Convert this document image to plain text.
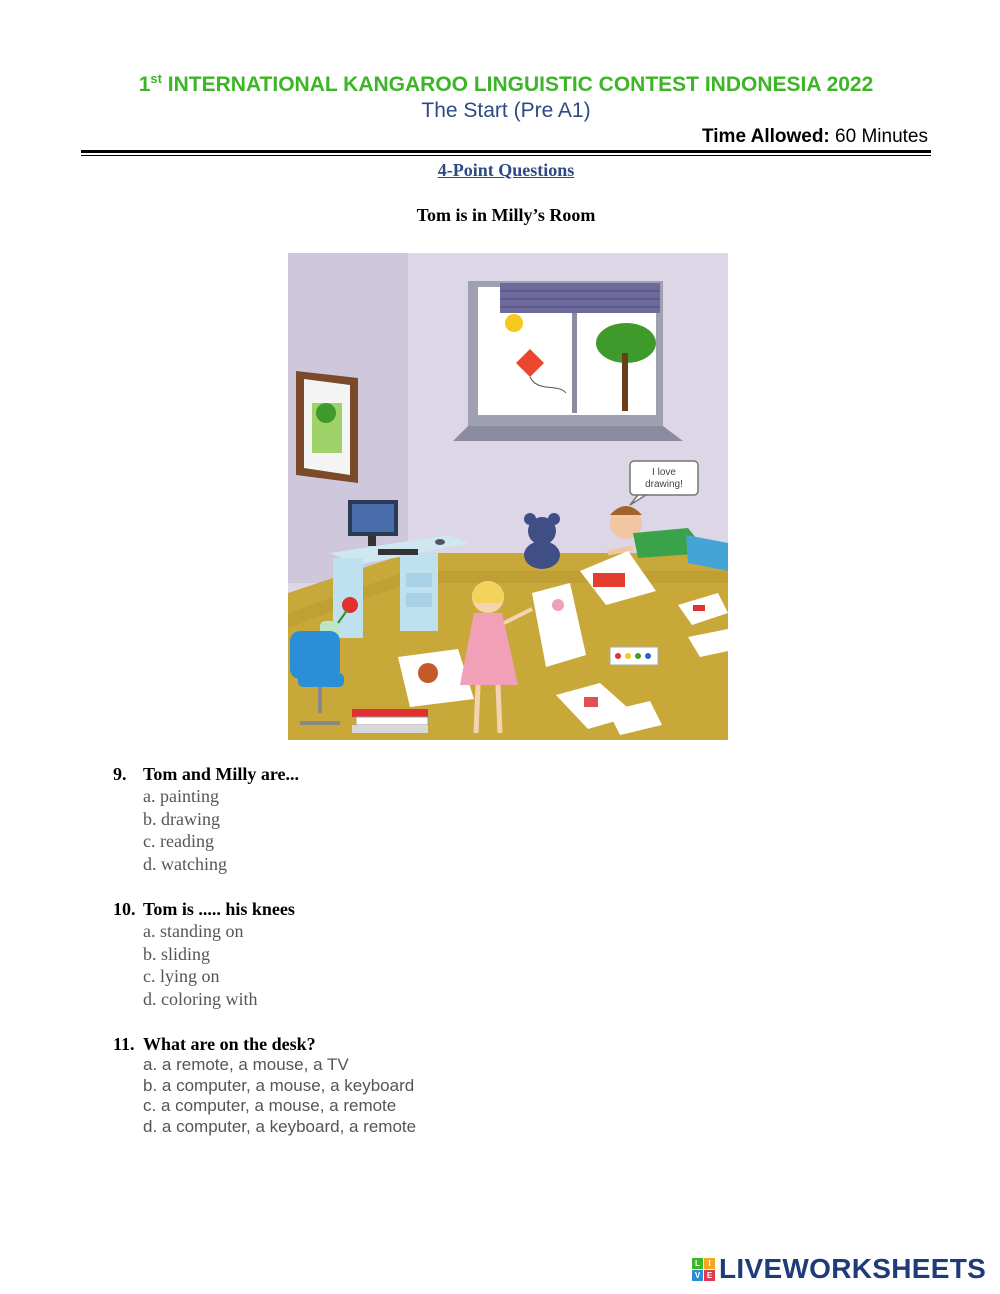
1st INTERNATIONAL KANGAROO LINGUISTIC CONTEST INDONESIA 2022
The Start (Pre A1)
Time Allowed: 60 Minutes
4-Point Questions
Tom is in Milly’s Room
I love
drawing!
9. Tom and Milly are...
a. painting
b. drawing
c. reading
d. watching
10. Tom is ..... his knees
a. standing on
b. sliding
c. lying on
d. coloring with
11. What are on the desk?
a. a remote, a mouse, a TV
b. a computer, a mouse, a keyboard
c. a computer, a mouse, a remote
d. a computer, a keyboard, a remote
L	I
V E LIVEWORKSHEETS
